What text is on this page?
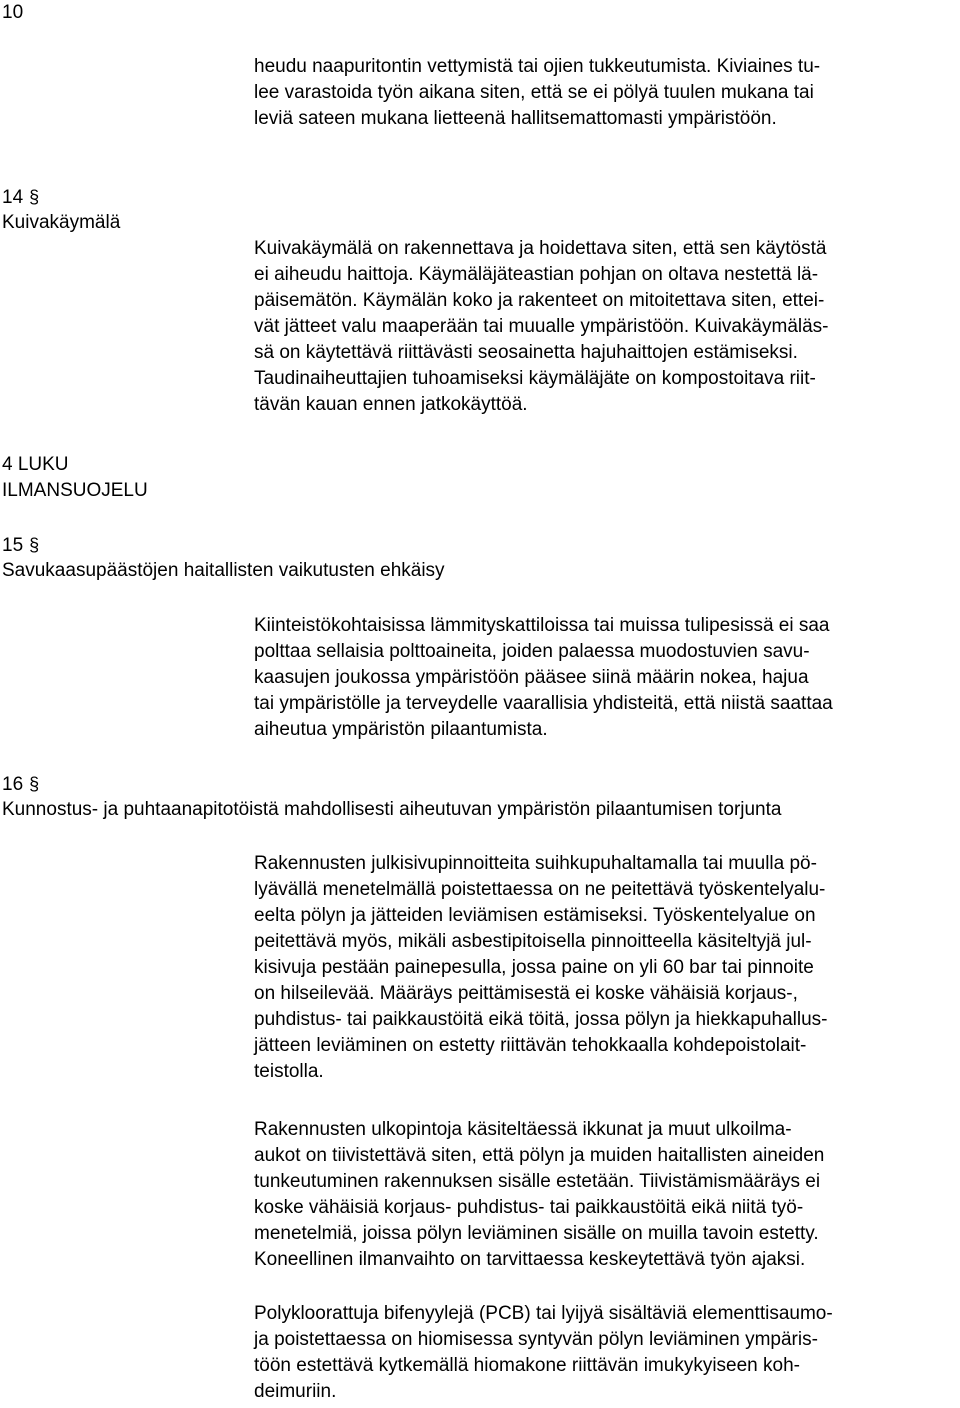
10
heudu naapuritontin vettymistä tai ojien tukkeutumista. Kiviaines tu-
lee varastoida työn aikana siten, että se ei pölyä tuulen mukana tai
leviä sateen mukana lietteenä hallitsemattomasti ympäristöön.
14 §
Kuivakäymälä
Kuivakäymälä on rakennettava ja hoidettava siten, että sen käytöstä
ei aiheudu haittoja. Käymäläjäteastian pohjan on oltava nestettä lä-
päisemätön. Käymälän koko ja rakenteet on mitoitettava siten, ettei-
vät jätteet valu maaperään tai muualle ympäristöön. Kuivakäymäläs-
sä on käytettävä riittävästi seosainetta hajuhaittojen estämiseksi.
Taudinaiheuttajien tuhoamiseksi käymäläjäte on kompostoitava riit-
tävän kauan ennen jatkokäyttöä.
4 LUKU
ILMANSUOJELU
15 §
Savukaasupäästöjen haitallisten vaikutusten ehkäisy
Kiinteistökohtaisissa lämmityskattiloissa tai muissa tulipesissä ei saa
polttaa sellaisia polttoaineita, joiden palaessa muodostuvien savu-
kaasujen joukossa ympäristöön pääsee siinä määrin nokea, hajua
tai ympäristölle ja terveydelle vaarallisia yhdisteitä, että niistä saattaa
aiheutua ympäristön pilaantumista.
16 §
Kunnostus- ja puhtaanapitotöistä mahdollisesti aiheutuvan ympäristön pilaantumisen torjunta
Rakennusten julkisivupinnoitteita suihkupuhaltamalla tai muulla pö-
lyävällä menetelmällä poistettaessa on ne peitettävä työskentelyalu-
eelta pölyn ja jätteiden leviämisen estämiseksi. Työskentelyalue on
peitettävä myös, mikäli asbestipitoisella pinnoitteella käsiteltyjä jul-
kisivuja pestään painepesulla, jossa paine on yli 60 bar tai pinnoite
on hilseilevää. Määräys peittämisestä ei koske vähäisiä korjaus-,
puhdistus- tai paikkaustöitä eikä töitä, jossa pölyn ja hiekkapuhallus-
jätteen leviäminen on estetty riittävän tehokkaalla kohdepoistolait-
teistolla.
Rakennusten ulkopintoja käsiteltäessä ikkunat ja muut ulkoilma-
aukot on tiivistettävä siten, että pölyn ja muiden haitallisten aineiden
tunkeutuminen rakennuksen sisälle estetään. Tiivistämismääräys ei
koske vähäisiä korjaus- puhdistus- tai paikkaustöitä eikä niitä työ-
menetelmiä, joissa pölyn leviäminen sisälle on muilla tavoin estetty.
Koneellinen ilmanvaihto on tarvittaessa keskeytettävä työn ajaksi.
Polykloorattuja bifenyylejä (PCB) tai lyijyä sisältäviä elementtisaumo-
ja poistettaessa on hiomisessa syntyvän pölyn leviäminen ympäris-
töön estettävä kytkemällä hiomakone riittävän imukykyiseen koh-
deimuriin.
